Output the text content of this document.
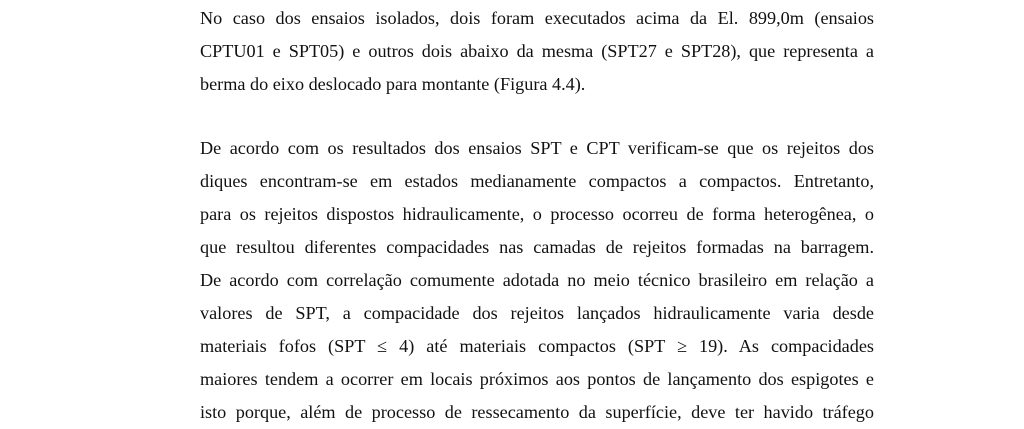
No caso dos ensaios isolados, dois foram executados acima da El. 899,0m (ensaios
CPTU01 e SPT05) e outros dois abaixo da mesma (SPT27 e SPT28), que representa a
berma do eixo deslocado para montante (Figura 4.4).
De acordo com os resultados dos ensaios SPT e CPT verificam-se que os rejeitos dos
diques encontram-se em estados medianamente compactos a compactos. Entretanto,
para os rejeitos dispostos hidraulicamente, o processo ocorreu de forma heterogênea, o
que resultou diferentes compacidades nas camadas de rejeitos formadas na barragem.
De acordo com correlação comumente adotada no meio técnico brasileiro em relação a
valores de SPT, a compacidade dos rejeitos lançados hidraulicamente varia desde
materiais fofos (SPT ≤ 4) até materiais compactos (SPT ≥ 19). As compacidades
maiores tendem a ocorrer em locais próximos aos pontos de lançamento dos espigotes e
isto porque, além de processo de ressecamento da superfície, deve ter havido tráfego
